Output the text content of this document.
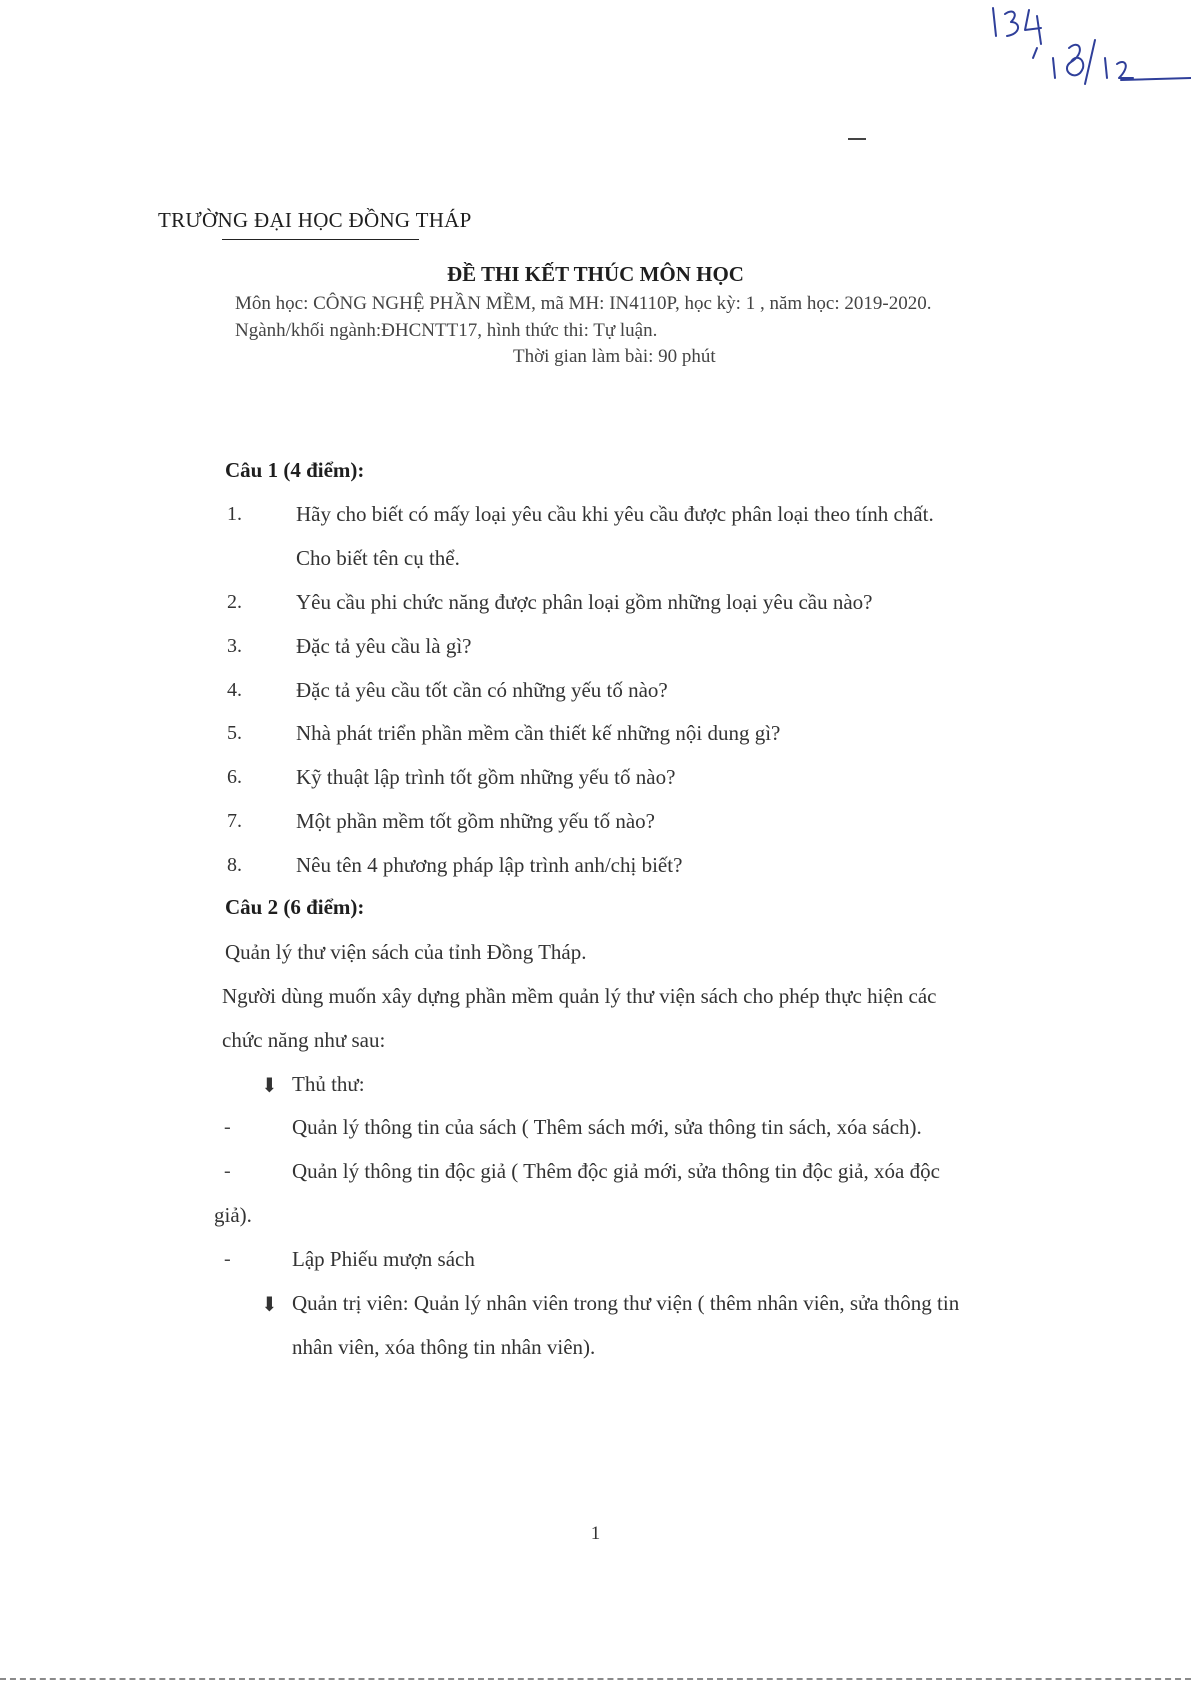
134, 18/12
TRƯỜNG ĐẠI HỌC ĐỒNG THÁP
ĐỀ THI KẾT THÚC MÔN HỌC
Môn học: CÔNG NGHỆ PHẦN MỀM, mã MH: IN4110P, học kỳ: 1 , năm học: 2019-2020.
Ngành/khối ngành:ĐHCNTT17, hình thức thi: Tự luận.
Thời gian làm bài: 90 phút
Câu 1 (4 điểm):
1.	Hãy cho biết có mấy loại yêu cầu khi yêu cầu được phân loại theo tính chất.
Cho biết tên cụ thể.
2.	Yêu cầu phi chức năng được phân loại gồm những loại yêu cầu nào?
3.	Đặc tả yêu cầu là gì?
4.	Đặc tả yêu cầu tốt cần có những yếu tố nào?
5.	Nhà phát triển phần mềm cần thiết kế những nội dung gì?
6.	Kỹ thuật lập trình tốt gồm những yếu tố nào?
7.	Một phần mềm tốt gồm những yếu tố nào?
8.	Nêu tên 4 phương pháp lập trình anh/chị biết?
Câu 2 (6 điểm):
Quản lý thư viện sách của tỉnh Đồng Tháp.
Người dùng muốn xây dựng phần mềm quản lý thư viện sách cho phép thực hiện các
chức năng như sau:
⬇ Thủ thư:
-	Quản lý thông tin của sách ( Thêm sách mới, sửa thông tin sách, xóa sách).
-	Quản lý thông tin độc giả ( Thêm độc giả mới, sửa thông tin độc giả, xóa độc
giả).
-	Lập Phiếu mượn sách
⬇ Quản trị viên: Quản lý nhân viên trong thư viện ( thêm nhân viên, sửa thông tin
nhân viên, xóa thông tin nhân viên).
1
